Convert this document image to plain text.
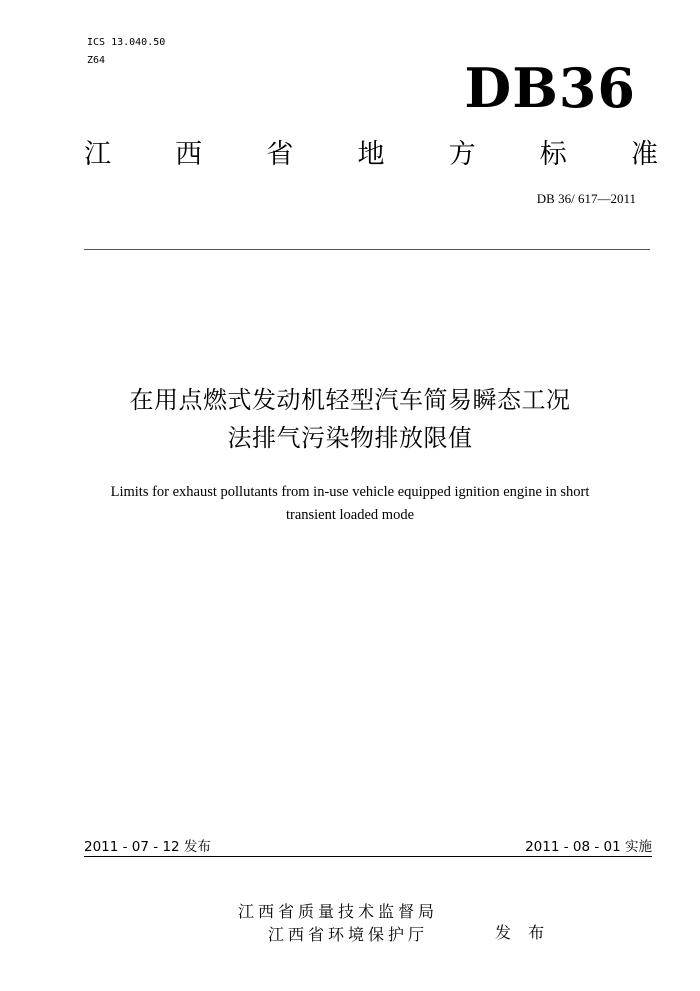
ICS 13.040.50
Z64	DB36
江 西 省 地 方 标 准
DB 36/ 617—2011
在用点燃式发动机轻型汽车简易瞬态工况
法排气污染物排放限值
Limits for exhaust pollutants from in-use vehicle equipped ignition engine in short
transient loaded mode
2011 - 07 - 12 发布	2011 - 08 - 01 实施
江西省质量技术监督局
江西省环境保护厅	发 布
